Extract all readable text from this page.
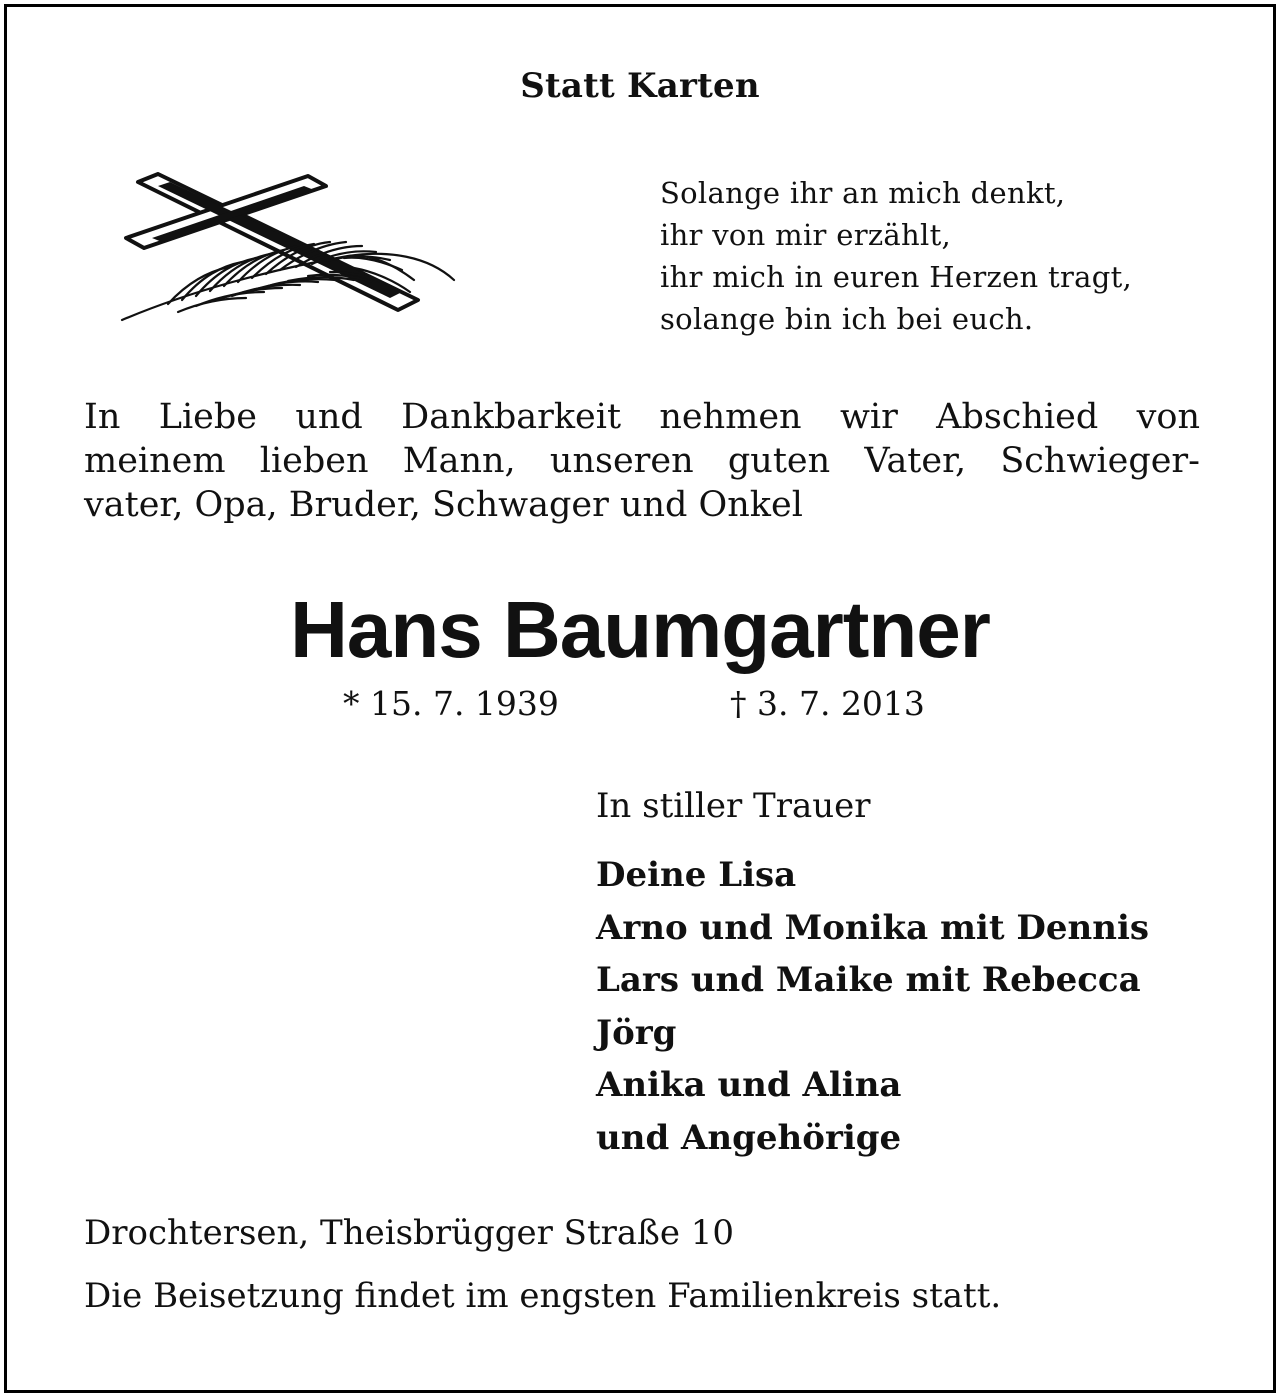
Statt Karten
Solange ihr an mich denkt,
ihr von mir erzählt,
ihr mich in euren Herzen tragt,
solange bin ich bei euch.
In Liebe und Dankbarkeit nehmen wir Abschied von
meinem lieben Mann, unseren guten Vater, Schwieger-
vater, Opa, Bruder, Schwager und Onkel
Hans Baumgartner
* 15. 7. 1939	† 3. 7. 2013
In stiller Trauer
Deine Lisa
Arno und Monika mit Dennis
Lars und Maike mit Rebecca
Jörg
Anika und Alina
und Angehörige
Drochtersen, Theisbrügger Straße 10
Die Beisetzung findet im engsten Familienkreis statt.
